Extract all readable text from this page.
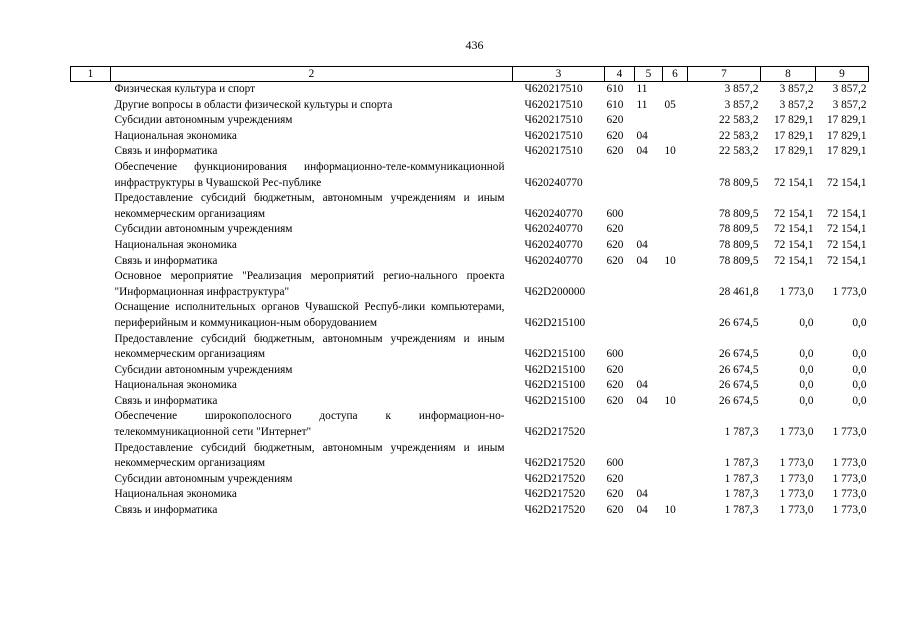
436
1	2	3	4	5	6	7	8	9
	Физическая культура и спорт	Ч620217510	610	11		3 857,2	3 857,2	3 857,2
	Другие вопросы в области физической культуры и спорта	Ч620217510	610	11	05	3 857,2	3 857,2	3 857,2
	Субсидии автономным учреждениям	Ч620217510	620			22 583,2	17 829,1	17 829,1
	Национальная экономика	Ч620217510	620	04		22 583,2	17 829,1	17 829,1
	Связь и информатика	Ч620217510	620	04	10	22 583,2	17 829,1	17 829,1
	Обеспечение функционирования информационно-теле-коммуникационной инфраструктуры в Чувашской Рес-публике	Ч620240770				78 809,5	72 154,1	72 154,1
	Предоставление субсидий бюджетным, автономным учреждениям и иным некоммерческим организациям	Ч620240770	600			78 809,5	72 154,1	72 154,1
	Субсидии автономным учреждениям	Ч620240770	620			78 809,5	72 154,1	72 154,1
	Национальная экономика	Ч620240770	620	04		78 809,5	72 154,1	72 154,1
	Связь и информатика	Ч620240770	620	04	10	78 809,5	72 154,1	72 154,1
	Основное мероприятие "Реализация мероприятий регио-нального проекта "Информационная инфраструктура"	Ч62D200000				28 461,8	1 773,0	1 773,0
	Оснащение исполнительных органов Чувашской Респуб-лики компьютерами, периферийным и коммуникацион-ным оборудованием	Ч62D215100				26 674,5	0,0	0,0
	Предоставление субсидий бюджетным, автономным учреждениям и иным некоммерческим организациям	Ч62D215100	600			26 674,5	0,0	0,0
	Субсидии автономным учреждениям	Ч62D215100	620			26 674,5	0,0	0,0
	Национальная экономика	Ч62D215100	620	04		26 674,5	0,0	0,0
	Связь и информатика	Ч62D215100	620	04	10	26 674,5	0,0	0,0
	Обеспечение широкополосного доступа к информацион-но-телекоммуникационной сети "Интернет"	Ч62D217520				1 787,3	1 773,0	1 773,0
	Предоставление субсидий бюджетным, автономным учреждениям и иным некоммерческим организациям	Ч62D217520	600			1 787,3	1 773,0	1 773,0
	Субсидии автономным учреждениям	Ч62D217520	620			1 787,3	1 773,0	1 773,0
	Национальная экономика	Ч62D217520	620	04		1 787,3	1 773,0	1 773,0
	Связь и информатика	Ч62D217520	620	04	10	1 787,3	1 773,0	1 773,0
